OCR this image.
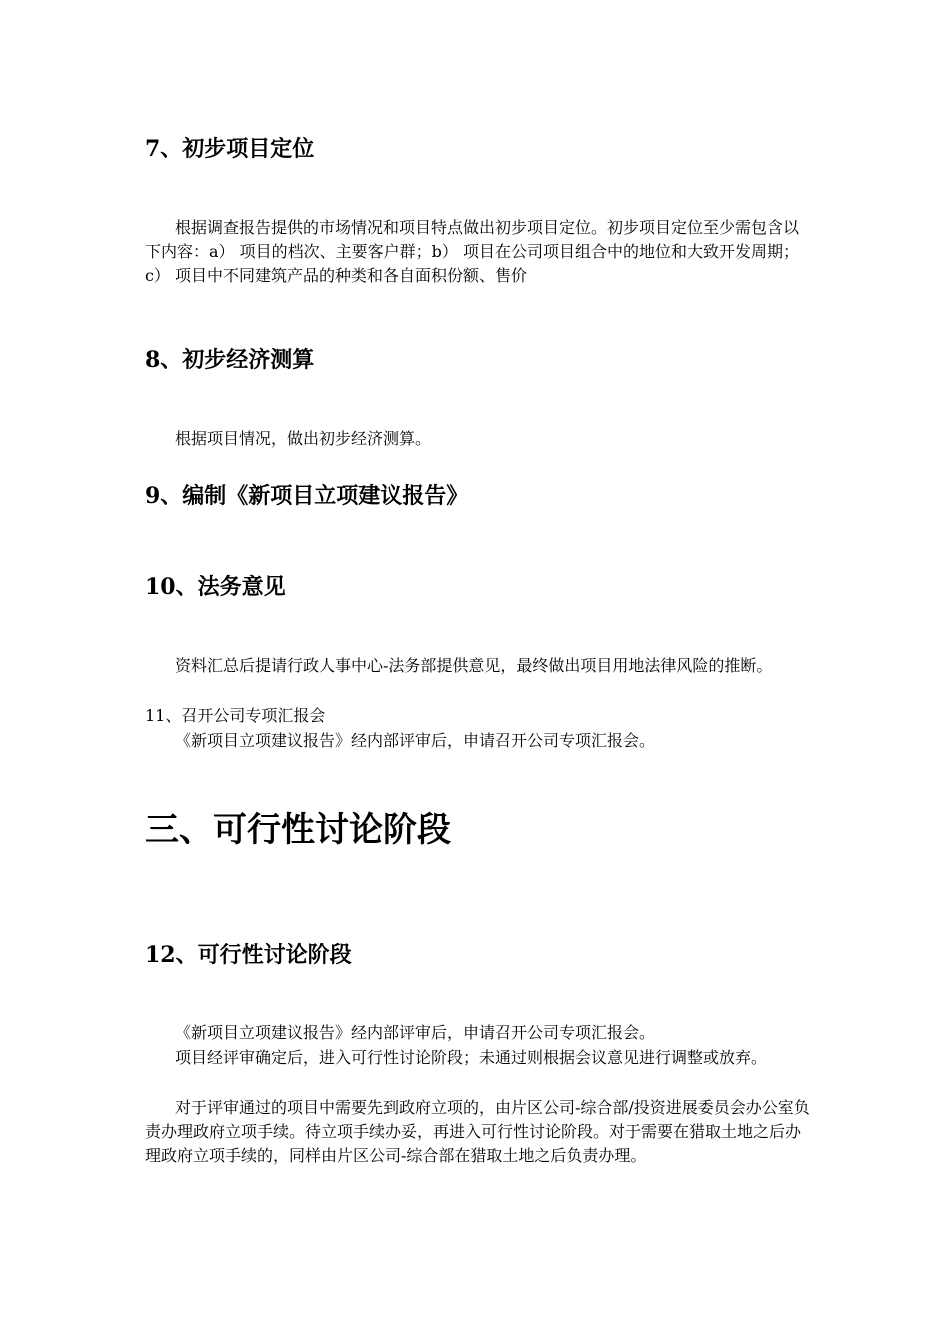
7、初步项目定位

根据调查报告提供的市场情况和项目特点做出初步项目定位。初步项目定位至少需包含以下内容：a） 项目的档次、主要客户群；b） 项目在公司项目组合中的地位和大致开发周期；c） 项目中不同建筑产品的种类和各自面积份额、售价

8、初步经济测算

根据项目情况，做出初步经济测算。

9、编制《新项目立项建议报告》
10、法务意见

资料汇总后提请行政人事中心-法务部提供意见，最终做出项目用地法律风险的推断。

11、召开公司专项汇报会

《新项目立项建议报告》经内部评审后，申请召开公司专项汇报会。

三、可行性讨论阶段
12、可行性讨论阶段

《新项目立项建议报告》经内部评审后，申请召开公司专项汇报会。

项目经评审确定后，进入可行性讨论阶段；未通过则根据会议意见进行调整或放弃。

对于评审通过的项目中需要先到政府立项的，由片区公司-综合部/投资进展委员会办公室负责办理政府立项手续。待立项手续办妥，再进入可行性讨论阶段。对于需要在猎取土地之后办理政府立项手续的，同样由片区公司-综合部在猎取土地之后负责办理。
